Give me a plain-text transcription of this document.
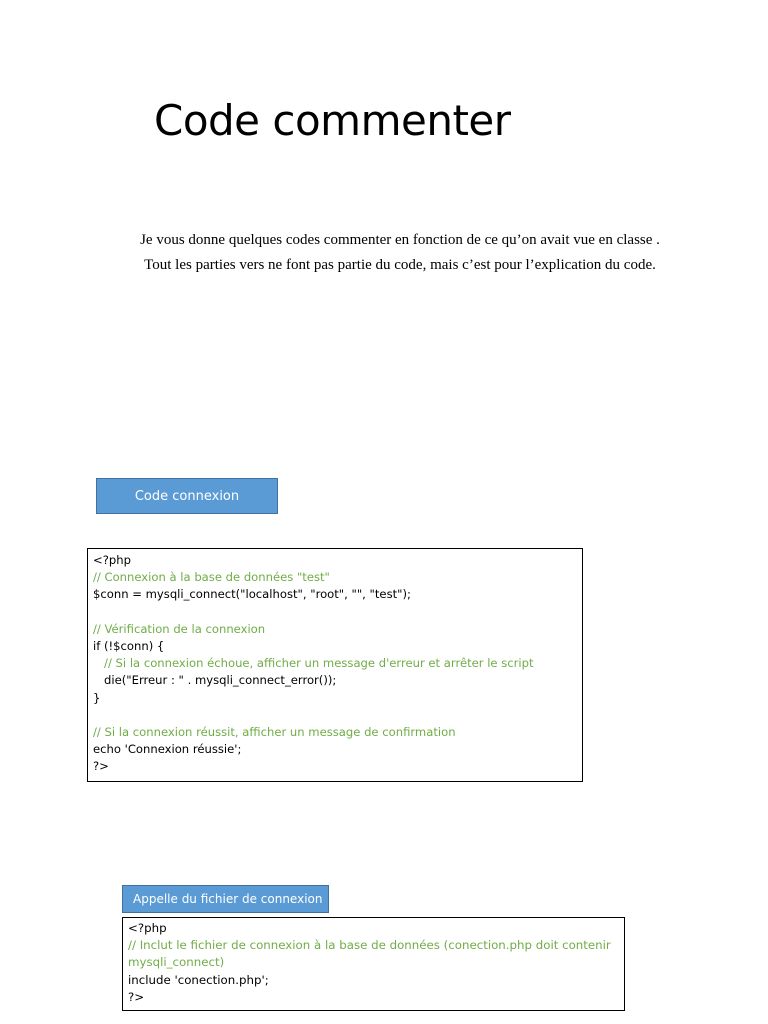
Code commenter

Je vous donne quelques codes commenter en fonction de ce qu’on avait vue en classe .

Tout les parties vers ne font pas partie du code, mais c’est pour l’explication du code.

Code connexion
<?php
// Connexion à la base de données "test"
$conn = mysqli_connect("localhost", "root", "", "test");
// Vérification de la connexion
if (!$conn) {
// Si la connexion échoue, afficher un message d'erreur et arrêter le script
die("Erreur : " . mysqli_connect_error());
}
// Si la connexion réussit, afficher un message de confirmation
echo 'Connexion réussie';
?>
Appelle du fichier de connexion
<?php
// Inclut le fichier de connexion à la base de données (conection.php doit contenir mysqli_connect)
include 'conection.php';
?>
